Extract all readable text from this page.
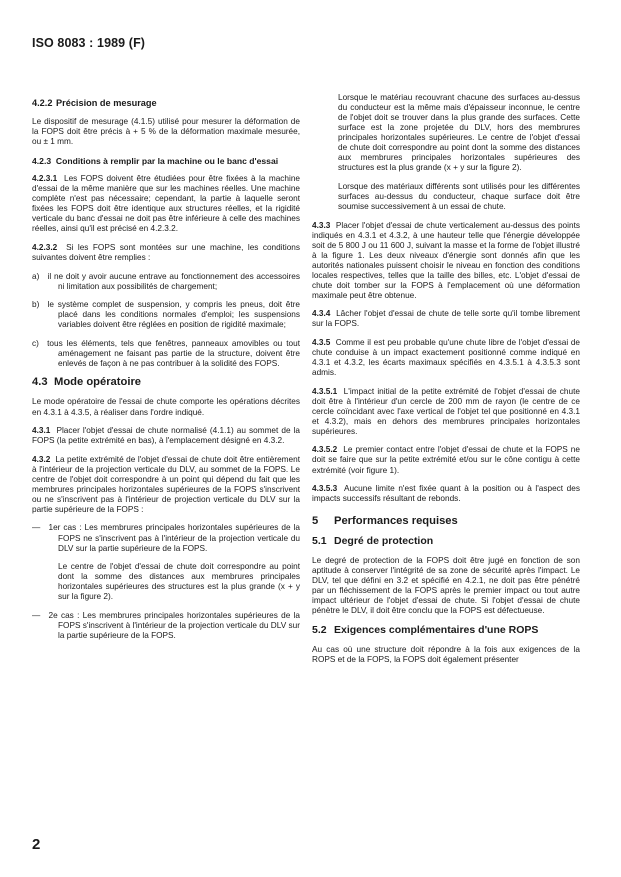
ISO 8083 : 1989 (F)
4.2.2 Précision de mesurage

Le dispositif de mesurage (4.1.5) utilisé pour mesurer la déformation de la FOPS doit être précis à + 5 % de la déformation maximale mesurée, ou ± 1 mm.

4.2.3 Conditions à remplir par la machine ou le banc d'essai

4.2.3.1 Les FOPS doivent être étudiées pour être fixées à la machine d'essai de la même manière que sur les machines réelles. Une machine complète n'est pas nécessaire; cependant, la partie à laquelle seront fixées les FOPS doit être identique aux structures réelles, et la rigidité verticale du banc d'essai ne doit pas être inférieure à celle des machines réelles, ainsi qu'il est précisé en 4.2.3.2.

4.2.3.2 Si les FOPS sont montées sur une machine, les conditions suivantes doivent être remplies :

a) il ne doit y avoir aucune entrave au fonctionnement des accessoires ni limitation aux possibilités de chargement;

b) le système complet de suspension, y compris les pneus, doit être placé dans les conditions normales d'emploi; les suspensions variables doivent être réglées en position de rigidité maximale;

c) tous les éléments, tels que fenêtres, panneaux amovibles ou tout aménagement ne faisant pas partie de la structure, doivent être enlevés de façon à ne pas contribuer à la solidité des FOPS.

4.3 Mode opératoire

Le mode opératoire de l'essai de chute comporte les opérations décrites en 4.3.1 à 4.3.5, à réaliser dans l'ordre indiqué.

4.3.1 Placer l'objet d'essai de chute normalisé (4.1.1) au sommet de la FOPS (la petite extrémité en bas), à l'emplacement désigné en 4.3.2.

4.3.2 La petite extrémité de l'objet d'essai de chute doit être entièrement à l'intérieur de la projection verticale du DLV, au sommet de la FOPS. Le centre de l'objet doit correspondre à un point qui dépend du fait que les membrures principales horizontales supérieures de la FOPS s'inscrivent ou ne s'inscrivent pas à l'intérieur de projection verticale du DLV sur la partie supérieure de la FOPS :

— 1er cas : Les membrures principales horizontales supérieures de la FOPS ne s'inscrivent pas à l'intérieur de la projection verticale du DLV sur la partie supérieure de la FOPS.

Le centre de l'objet d'essai de chute doit correspondre au point dont la somme des distances aux membrures principales horizontales supérieures des structures est la plus grande (x + y sur la figure 2).

— 2e cas : Les membrures principales horizontales supérieures de la FOPS s'inscrivent à l'intérieur de la projection verticale du DLV sur la partie supérieure de la FOPS.

Lorsque le matériau recouvrant chacune des surfaces au-dessus du conducteur est la même mais d'épaisseur inconnue, le centre de l'objet doit se trouver dans la plus grande des surfaces. Cette surface est la zone projetée du DLV, hors des membrures principales horizontales supérieures. Le centre de l'objet d'essai de chute doit correspondre au point dont la somme des distances aux membrures principales horizontales supérieures des structures est la plus grande (x + y sur la figure 2).

Lorsque des matériaux différents sont utilisés pour les différentes surfaces au-dessus du conducteur, chaque surface doit être soumise successivement à un essai de chute.

4.3.3 Placer l'objet d'essai de chute verticalement au-dessus des points indiqués en 4.3.1 et 4.3.2, à une hauteur telle que l'énergie développée soit de 5 800 J ou 11 600 J, suivant la masse et la forme de l'objet illustré à la figure 1. Les deux niveaux d'énergie sont donnés afin que les autorités nationales puissent choisir le niveau en fonction des conditions locales respectives, telles que la taille des billes, etc. L'objet d'essai de chute doit tomber sur la FOPS à l'emplacement où une déformation maximale peut être obtenue.

4.3.4 Lâcher l'objet d'essai de chute de telle sorte qu'il tombe librement sur la FOPS.

4.3.5 Comme il est peu probable qu'une chute libre de l'objet d'essai de chute conduise à un impact exactement positionné comme indiqué en 4.3.1 et 4.3.2, les écarts maximaux spécifiés en 4.3.5.1 à 4.3.5.3 sont admis.

4.3.5.1 L'impact initial de la petite extrémité de l'objet d'essai de chute doit être à l'intérieur d'un cercle de 200 mm de rayon (le centre de ce cercle coïncidant avec l'axe vertical de l'objet tel que positionné en 4.3.1 et 4.3.2), mais en dehors des membrures principales horizontales supérieures.

4.3.5.2 Le premier contact entre l'objet d'essai de chute et la FOPS ne doit se faire que sur la petite extrémité et/ou sur le cône contigu à cette extrémité (voir figure 1).

4.3.5.3 Aucune limite n'est fixée quant à la position ou à l'aspect des impacts successifs résultant de rebonds.

5 Performances requises
5.1 Degré de protection

Le degré de protection de la FOPS doit être jugé en fonction de son aptitude à conserver l'intégrité de sa zone de sécurité après l'impact. Le DLV, tel que défini en 3.2 et spécifié en 4.2.1, ne doit pas être pénétré par un fléchissement de la FOPS après le premier impact ou tout autre impact ultérieur de l'objet d'essai de chute. Si l'objet d'essai de chute pénètre le DLV, il doit être conclu que la FOPS est défectueuse.

5.2 Exigences complémentaires d'une ROPS

Au cas où une structure doit répondre à la fois aux exigences de la ROPS et de la FOPS, la FOPS doit également présenter

2
